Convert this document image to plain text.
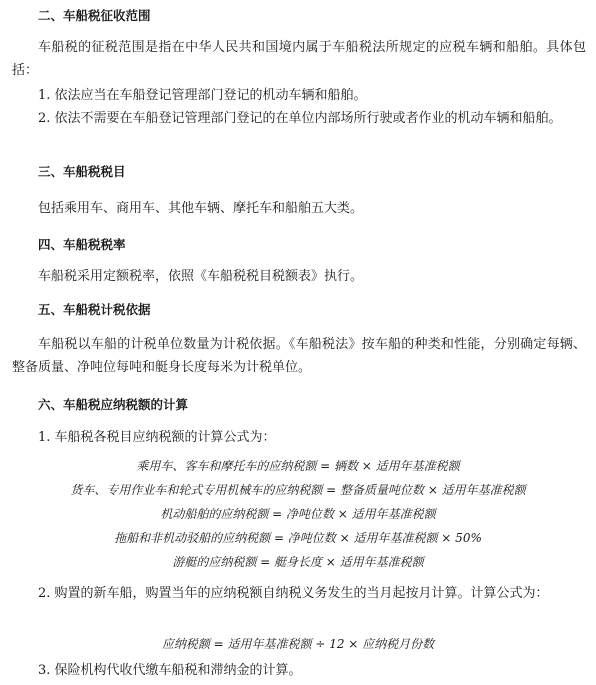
二、车船税征收范围

车船税的征税范围是指在中华人民共和国境内属于车船税法所规定的应税车辆和船舶。具体包括：

1. 依法应当在车船登记管理部门登记的机动车辆和船舶。

2. 依法不需要在车船登记管理部门登记的在单位内部场所行驶或者作业的机动车辆和船舶。

三、车船税税目

包括乘用车、商用车、其他车辆、摩托车和船舶五大类。

四、车船税税率

车船税采用定额税率，依照《车船税税目税额表》执行。

五、车船税计税依据

车船税以车船的计税单位数量为计税依据。《车船税法》按车船的种类和性能，分别确定每辆、整备质量、净吨位每吨和艇身长度每米为计税单位。

六、车船税应纳税额的计算

1. 车船税各税目应纳税额的计算公式为：

乘用车、客车和摩托车的应纳税额 = 辆数 × 适用年基准税额

货车、专用作业车和轮式专用机械车的应纳税额 = 整备质量吨位数 × 适用年基准税额

机动船舶的应纳税额 = 净吨位数 × 适用年基准税额

拖船和非机动驳船的应纳税额 = 净吨位数 × 适用年基准税额 × 50%

游艇的应纳税额 = 艇身长度 × 适用年基准税额

2. 购置的新车船，购置当年的应纳税额自纳税义务发生的当月起按月计算。计算公式为：

应纳税额 = 适用年基准税额 ÷ 12 × 应纳税月份数

3. 保险机构代收代缴车船税和滞纳金的计算。
